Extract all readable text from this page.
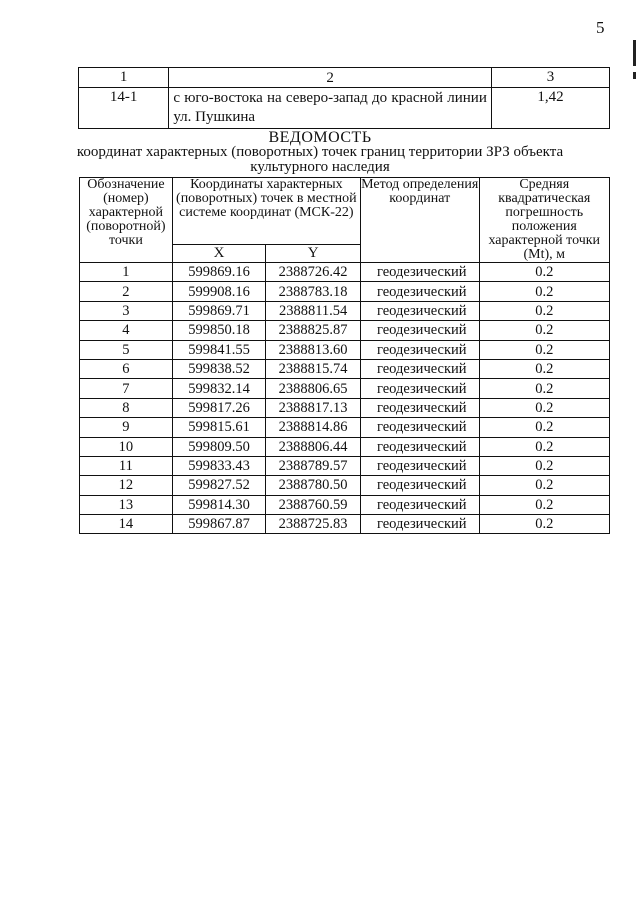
5
1	2	3
14-1	с юго-востока на северо-запад до красной линии ул. Пушкина	1,42
ВЕДОМОСТЬ
координат характерных (поворотных) точек границ территории ЗРЗ объекта
культурного наследия
Обозначение (номер) характерной (поворотной) точки	Координаты характерных (поворотных) точек в местной системе координат (МСК-22)		Метод определения координат	Средняя квадратическая погрешность положения характерной точки (Mt), м
	X	Y		
1	599869.16	2388726.42	геодезический	0.2
2	599908.16	2388783.18	геодезический	0.2
3	599869.71	2388811.54	геодезический	0.2
4	599850.18	2388825.87	геодезический	0.2
5	599841.55	2388813.60	геодезический	0.2
6	599838.52	2388815.74	геодезический	0.2
7	599832.14	2388806.65	геодезический	0.2
8	599817.26	2388817.13	геодезический	0.2
9	599815.61	2388814.86	геодезический	0.2
10	599809.50	2388806.44	геодезический	0.2
11	599833.43	2388789.57	геодезический	0.2
12	599827.52	2388780.50	геодезический	0.2
13	599814.30	2388760.59	геодезический	0.2
14	599867.87	2388725.83	геодезический	0.2
